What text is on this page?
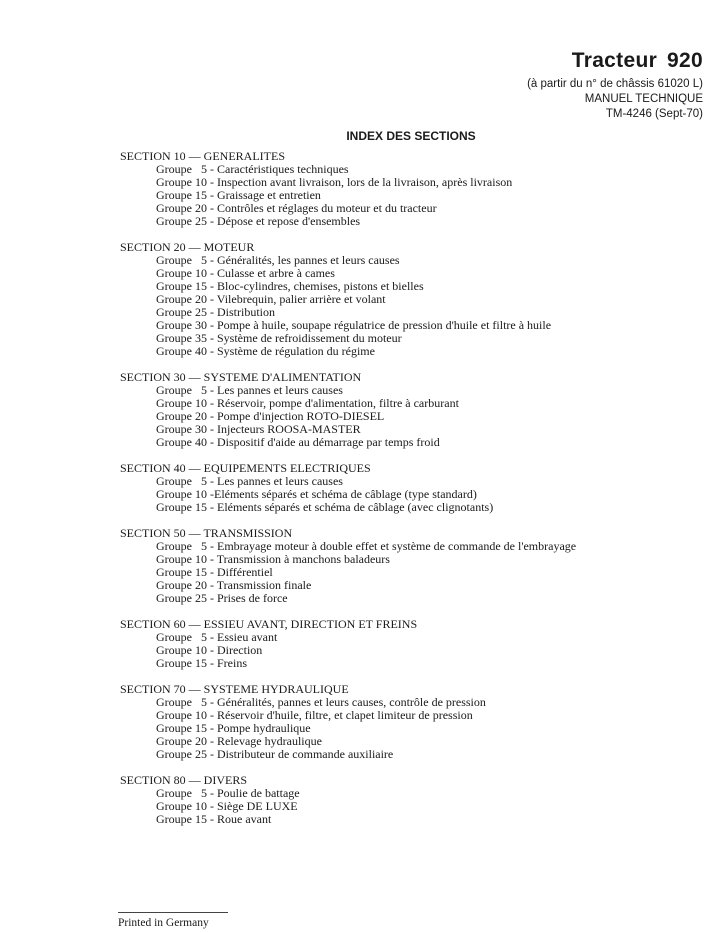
Tracteur 920
(à partir du n° de châssis 61020 L)
MANUEL TECHNIQUE
TM-4246 (Sept-70)
INDEX DES SECTIONS
SECTION 10 — GENERALITES
Groupe   5 - Caractéristiques techniques
Groupe 10 - Inspection avant livraison, lors de la livraison, après livraison
Groupe 15 - Graissage et entretien
Groupe 20 - Contrôles et réglages du moteur et du tracteur
Groupe 25 - Dépose et repose d'ensembles
SECTION 20 — MOTEUR
Groupe   5 - Généralités, les pannes et leurs causes
Groupe 10 - Culasse et arbre à cames
Groupe 15 - Bloc-cylindres, chemises, pistons et bielles
Groupe 20 - Vilebrequin, palier arrière et volant
Groupe 25 - Distribution
Groupe 30 - Pompe à huile, soupape régulatrice de pression d'huile et filtre à huile
Groupe 35 - Système de refroidissement du moteur
Groupe 40 - Système de régulation du régime
SECTION 30 — SYSTEME D'ALIMENTATION
Groupe   5 - Les pannes et leurs causes
Groupe 10 - Réservoir, pompe d'alimentation, filtre à carburant
Groupe 20 - Pompe d'injection ROTO-DIESEL
Groupe 30 - Injecteurs ROOSA-MASTER
Groupe 40 - Dispositif d'aide au démarrage par temps froid
SECTION 40 — EQUIPEMENTS ELECTRIQUES
Groupe   5 - Les pannes et leurs causes
Groupe 10 -Eléments séparés et schéma de câblage (type standard)
Groupe 15 - Eléments séparés et schéma de câblage (avec clignotants)
SECTION 50 — TRANSMISSION
Groupe   5 - Embrayage moteur à double effet et système de commande de l'embrayage
Groupe 10 - Transmission à manchons baladeurs
Groupe 15 - Différentiel
Groupe 20 - Transmission finale
Groupe 25 - Prises de force
SECTION 60 — ESSIEU AVANT, DIRECTION ET FREINS
Groupe   5 - Essieu avant
Groupe 10 - Direction
Groupe 15 - Freins
SECTION 70 — SYSTEME HYDRAULIQUE
Groupe   5 - Généralités, pannes et leurs causes, contrôle de pression
Groupe 10 - Réservoir d'huile, filtre, et clapet limiteur de pression
Groupe 15 - Pompe hydraulique
Groupe 20 - Relevage hydraulique
Groupe 25 - Distributeur de commande auxiliaire
SECTION 80 — DIVERS
Groupe   5 - Poulie de battage
Groupe 10 - Siège DE LUXE
Groupe 15 - Roue avant
Printed in Germany
